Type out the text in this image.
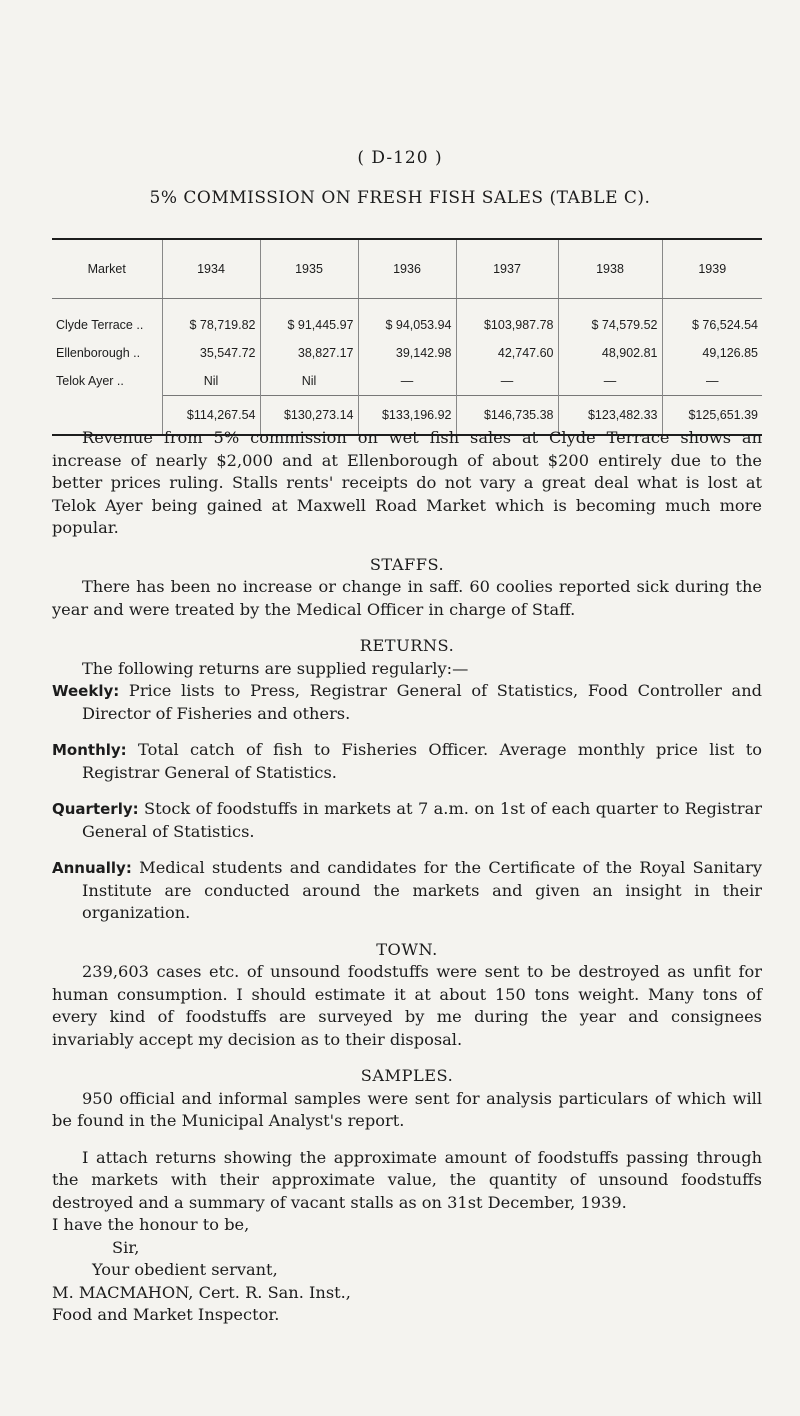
( D-120 )
5% COMMISSION ON FRESH FISH SALES (TABLE C).
Market	1934	1935	1936	1937	1938	1939
Clyde Terrace ..	$ 78,719.82	$ 91,445.97	$ 94,053.94	$103,987.78	$ 74,579.52	$ 76,524.54
Ellenborough ..	35,547.72	38,827.17	39,142.98	42,747.60	48,902.81	49,126.85
Telok Ayer ..	Nil	Nil	—	—	—	—
	$114,267.54	$130,273.14	$133,196.92	$146,735.38	$123,482.33	$125,651.39

Revenue from 5% commission on wet fish sales at Clyde Terrace shows an increase of nearly $2,000 and at Ellenborough of about $200 entirely due to the better prices ruling. Stalls rents' receipts do not vary a great deal what is lost at Telok Ayer being gained at Maxwell Road Market which is becoming much more popular.

STAFFS.

There has been no increase or change in saff. 60 coolies reported sick during the year and were treated by the Medical Officer in charge of Staff.

RETURNS.

The following returns are supplied regularly:—

Weekly: Price lists to Press, Registrar General of Statistics, Food Controller and Director of Fisheries and others.

Monthly: Total catch of fish to Fisheries Officer. Average monthly price list to Registrar General of Statistics.

Quarterly: Stock of foodstuffs in markets at 7 a.m. on 1st of each quarter to Registrar General of Statistics.

Annually: Medical students and candidates for the Certificate of the Royal Sanitary Institute are conducted around the markets and given an insight in their organization.

TOWN.

239,603 cases etc. of unsound foodstuffs were sent to be destroyed as unfit for human consumption. I should estimate it at about 150 tons weight. Many tons of every kind of foodstuffs are surveyed by me during the year and consignees invariably accept my decision as to their disposal.

SAMPLES.

950 official and informal samples were sent for analysis particulars of which will be found in the Municipal Analyst's report.

I attach returns showing the approximate amount of foodstuffs passing through the markets with their approximate value, the quantity of unsound foodstuffs destroyed and a summary of vacant stalls as on 31st December, 1939.

I have the honour to be,

Sir,

Your obedient servant,

M. MACMAHON, Cert. R. San. Inst.,

Food and Market Inspector.
